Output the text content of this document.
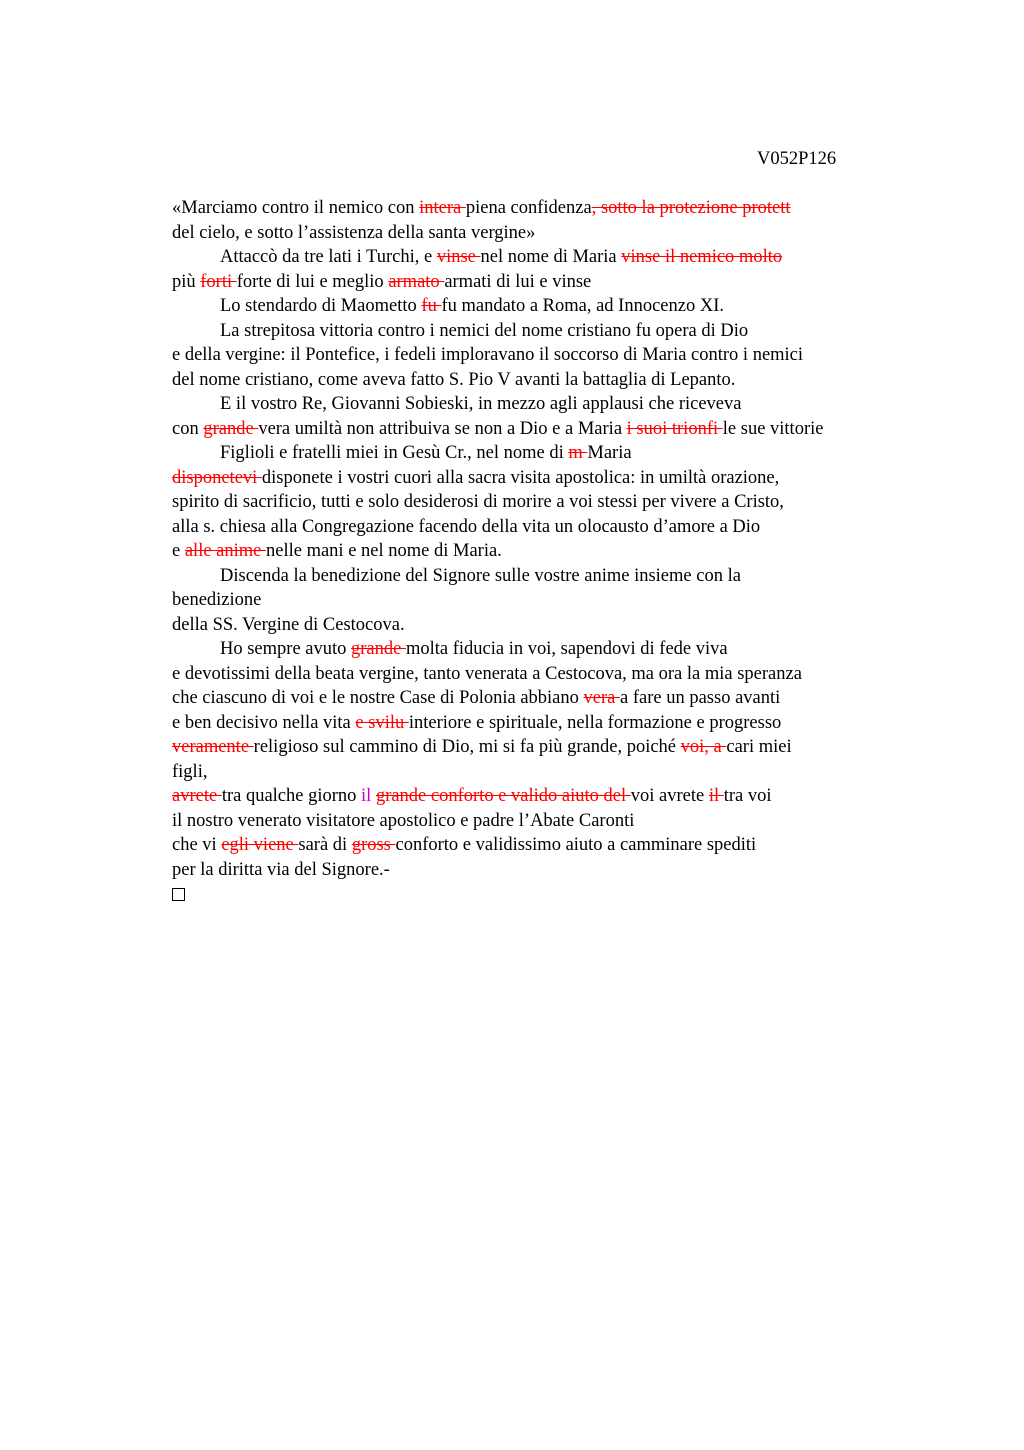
V052P126
«Marciamo contro il nemico con intera piena confidenza, sotto la protezione protett
del cielo, e sotto l’assistenza della santa vergine»
Attaccò da tre lati i Turchi, e vinse nel nome di Maria vinse il nemico molto
più forti forte di lui e meglio armato armati di lui e vinse
Lo stendardo di Maometto fu fu mandato a Roma, ad Innocenzo XI.
La strepitosa vittoria contro i nemici del nome cristiano fu opera di Dio
e della vergine: il Pontefice, i fedeli imploravano il soccorso di Maria contro i nemici
del nome cristiano, come aveva fatto S. Pio V avanti la battaglia di Lepanto.
E il vostro Re, Giovanni Sobieski, in mezzo agli applausi che riceveva
con grande vera umiltà non attribuiva se non a Dio e a Maria i suoi trionfi le sue vittorie
Figlioli e fratelli miei in Gesù Cr., nel nome di m Maria
disponetevi disponete i vostri cuori alla sacra visita apostolica: in umiltà orazione,
spirito di sacrificio, tutti e solo desiderosi di morire a voi stessi per vivere a Cristo,
alla s. chiesa alla Congregazione facendo della vita un olocausto d’amore a Dio
e alle anime nelle mani e nel nome di Maria.
Discenda la benedizione del Signore sulle vostre anime insieme con la
benedizione
della SS. Vergine di Cestocova.
Ho sempre avuto grande molta fiducia in voi, sapendovi di fede viva
e devotissimi della beata vergine, tanto venerata a Cestocova, ma ora la mia speranza
che ciascuno di voi e le nostre Case di Polonia abbiano vera a fare un passo avanti
e ben decisivo nella vita e svilu interiore e spirituale, nella formazione e progresso
veramente religioso sul cammino di Dio, mi si fa più grande, poiché voi, a cari miei
figli,
avrete tra qualche giorno il grande conforto e valido aiuto del voi avrete il tra voi
il nostro venerato visitatore apostolico e padre l’Abate Caronti
che vi egli viene sarà di gross conforto e validissimo aiuto a camminare spediti
per la diritta via del Signore.-
